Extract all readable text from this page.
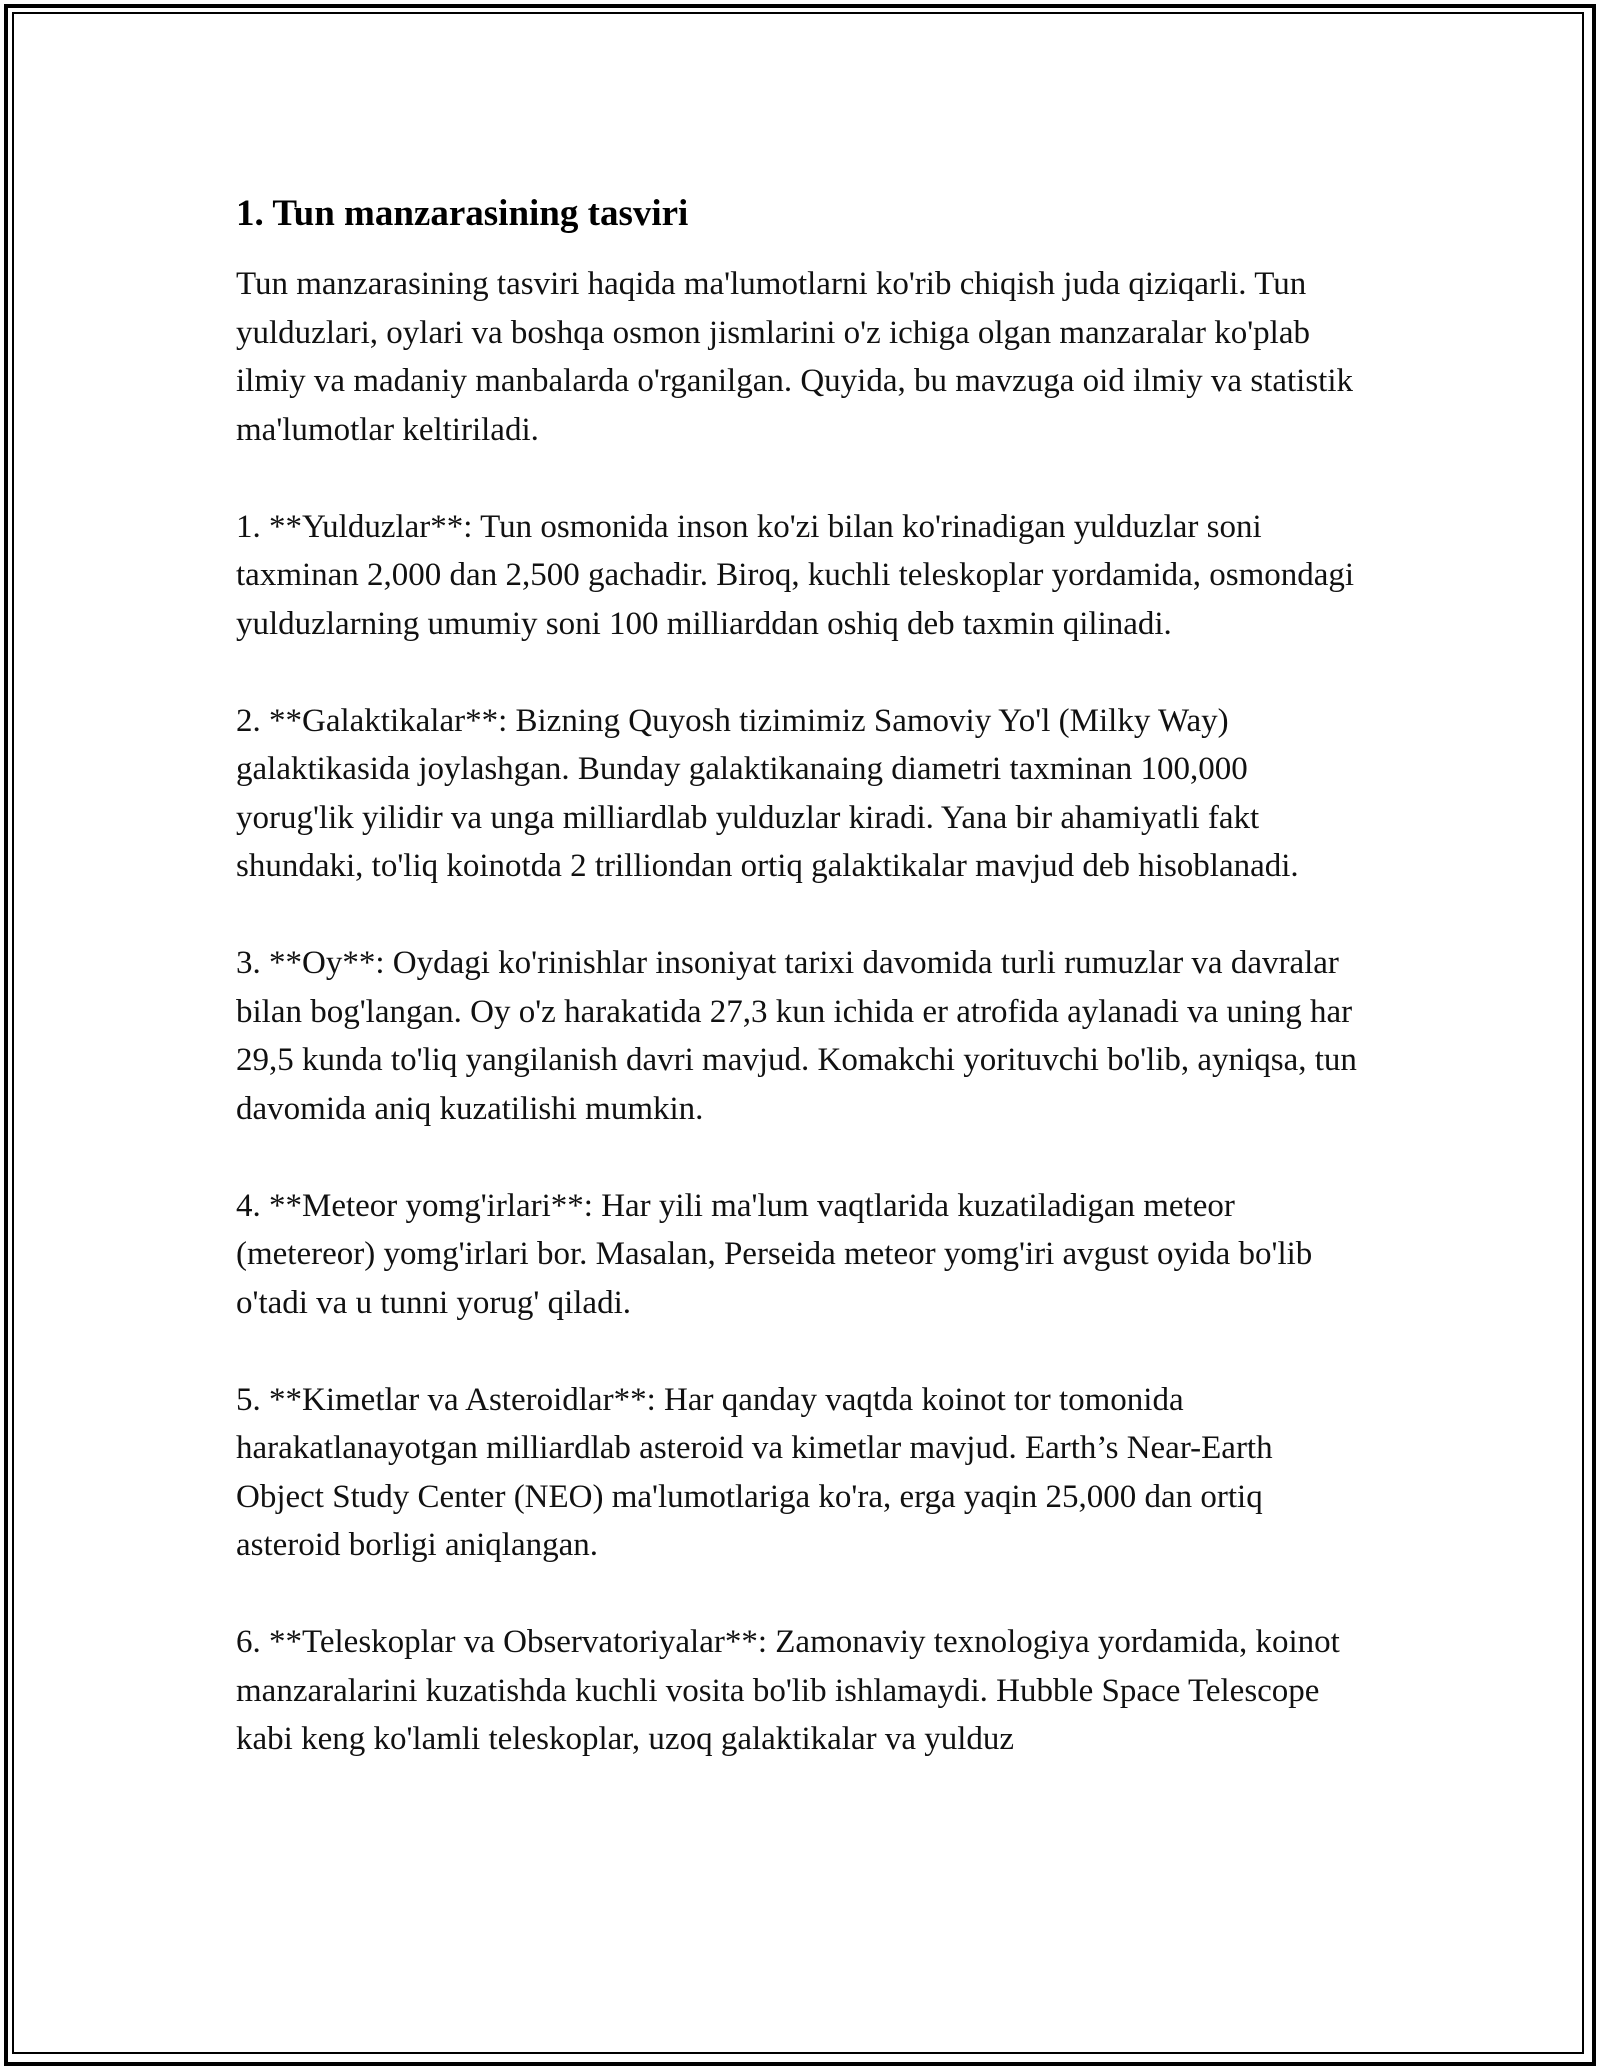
1. Tun manzarasining tasviri

Tun manzarasining tasviri haqida ma'lumotlarni ko'rib chiqish juda qiziqarli. Tun yulduzlari, oylari va boshqa osmon jismlarini o'z ichiga olgan manzaralar ko'plab ilmiy va madaniy manbalarda o'rganilgan. Quyida, bu mavzuga oid ilmiy va statistik ma'lumotlar keltiriladi.

1. **Yulduzlar**: Tun osmonida inson ko'zi bilan ko'rinadigan yulduzlar soni taxminan 2,000 dan 2,500 gachadir. Biroq, kuchli teleskoplar yordamida, osmondagi yulduzlarning umumiy soni 100 milliarddan oshiq deb taxmin qilinadi.

2. **Galaktikalar**: Bizning Quyosh tizimimiz Samoviy Yo'l (Milky Way) galaktikasida joylashgan. Bunday galaktikanaing diametri taxminan 100,000 yorug'lik yilidir va unga milliardlab yulduzlar kiradi. Yana bir ahamiyatli fakt shundaki, to'liq koinotda 2 trilliondan ortiq galaktikalar mavjud deb hisoblanadi.

3. **Oy**: Oydagi ko'rinishlar insoniyat tarixi davomida turli rumuzlar va davralar bilan bog'langan. Oy o'z harakatida 27,3 kun ichida er atrofida aylanadi va uning har 29,5 kunda to'liq yangilanish davri mavjud. Komakchi yorituvchi bo'lib, ayniqsa, tun davomida aniq kuzatilishi mumkin.

4. **Meteor yomg'irlari**: Har yili ma'lum vaqtlarida kuzatiladigan meteor (metereor) yomg'irlari bor. Masalan, Perseida meteor yomg'iri avgust oyida bo'lib o'tadi va u tunni yorug' qiladi.

5. **Kimetlar va Asteroidlar**: Har qanday vaqtda koinot tor tomonida harakatlanayotgan milliardlab asteroid va kimetlar mavjud. Earth’s Near-Earth Object Study Center (NEO) ma'lumotlariga ko'ra, erga yaqin 25,000 dan ortiq asteroid borligi aniqlangan.

6. **Teleskoplar va Observatoriyalar**: Zamonaviy texnologiya yordamida, koinot manzaralarini kuzatishda kuchli vosita bo'lib ishlamaydi. Hubble Space Telescope kabi keng ko'lamli teleskoplar, uzoq galaktikalar va yulduz
